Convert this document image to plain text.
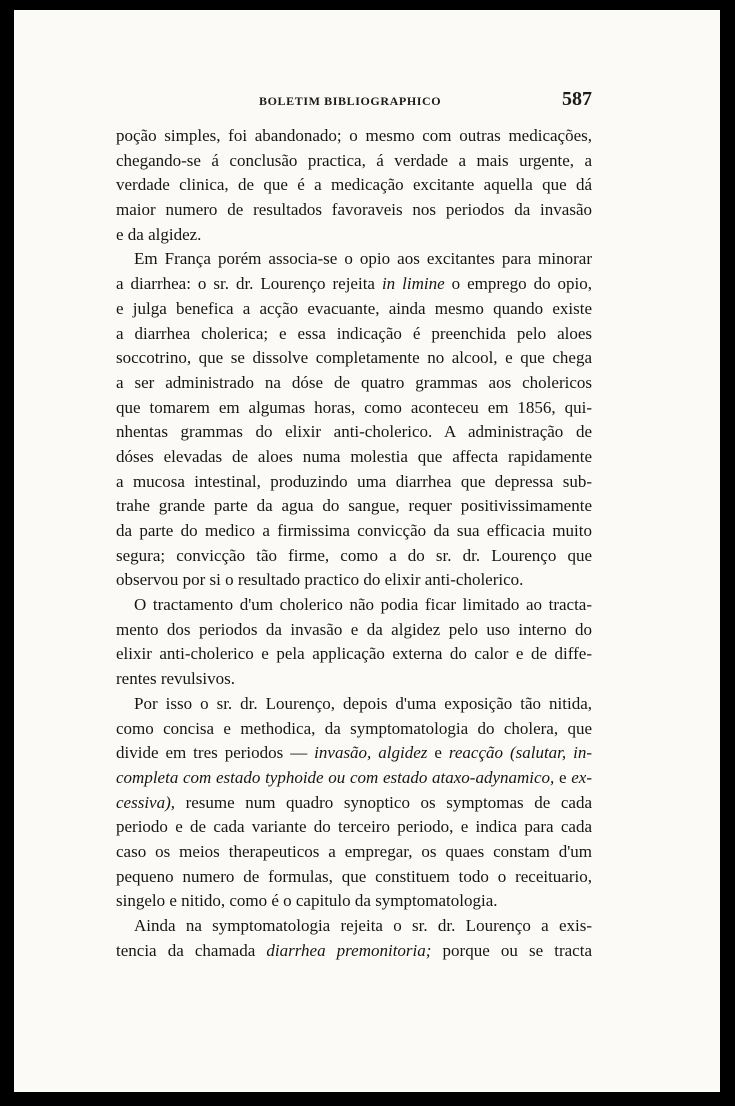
BOLETIM BIBLIOGRAPHICO	587
poção simples, foi abandonado; o mesmo com outras medicações,
chegando-se á conclusão practica, á verdade a mais urgente, a
verdade clinica, de que é a medicação excitante aquella que dá
maior numero de resultados favoraveis nos periodos da invasão
e da algidez.
Em França porém associa-se o opio aos excitantes para minorar
a diarrhea: o sr. dr. Lourenço rejeita in limine o emprego do opio,
e julga benefica a acção evacuante, ainda mesmo quando existe
a diarrhea cholerica; e essa indicação é preenchida pelo aloes
soccotrino, que se dissolve completamente no alcool, e que chega
a ser administrado na dóse de quatro grammas aos cholericos
que tomarem em algumas horas, como aconteceu em 1856, qui-
nhentas grammas do elixir anti-cholerico. A administração de
dóses elevadas de aloes numa molestia que affecta rapidamente
a mucosa intestinal, produzindo uma diarrhea que depressa sub-
trahe grande parte da agua do sangue, requer positivissimamente
da parte do medico a firmissima convicção da sua efficacia muito
segura; convicção tão firme, como a do sr. dr. Lourenço que
observou por si o resultado practico do elixir anti-cholerico.
O tractamento d'um cholerico não podia ficar limitado ao tracta-
mento dos periodos da invasão e da algidez pelo uso interno do
elixir anti-cholerico e pela applicação externa do calor e de diffe-
rentes revulsivos.
Por isso o sr. dr. Lourenço, depois d'uma exposição tão nitida,
como concisa e methodica, da symptomatologia do cholera, que
divide em tres periodos — invasão, algidez e reacção (salutar, in-
completa com estado typhoide ou com estado ataxo-adynamico, e ex-
cessiva), resume num quadro synoptico os symptomas de cada
periodo e de cada variante do terceiro periodo, e indica para cada
caso os meios therapeuticos a empregar, os quaes constam d'um
pequeno numero de formulas, que constituem todo o receituario,
singelo e nitido, como é o capitulo da symptomatologia.
Ainda na symptomatologia rejeita o sr. dr. Lourenço a exis-
tencia da chamada diarrhea premonitoria; porque ou se tracta
